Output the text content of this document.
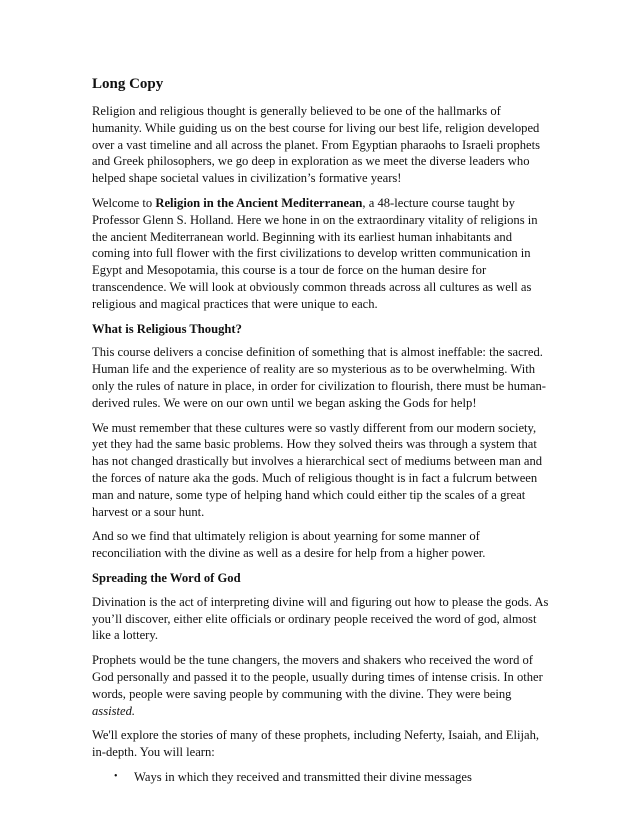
Long Copy

Religion and religious thought is generally believed to be one of the hallmarks of humanity. While guiding us on the best course for living our best life, religion developed over a vast timeline and all across the planet. From Egyptian pharaohs to Israeli prophets and Greek philosophers, we go deep in exploration as we meet the diverse leaders who helped shape societal values in civilization’s formative years!

Welcome to Religion in the Ancient Mediterranean, a 48-lecture course taught by Professor Glenn S. Holland. Here we hone in on the extraordinary vitality of religions in the ancient Mediterranean world. Beginning with its earliest human inhabitants and coming into full flower with the first civilizations to develop written communication in Egypt and Mesopotamia, this course is a tour de force on the human desire for transcendence. We will look at obviously common threads across all cultures as well as religious and magical practices that were unique to each.

What is Religious Thought?

This course delivers a concise definition of something that is almost ineffable: the sacred. Human life and the experience of reality are so mysterious as to be overwhelming. With only the rules of nature in place, in order for civilization to flourish, there must be human-derived rules. We were on our own until we began asking the Gods for help!

We must remember that these cultures were so vastly different from our modern society, yet they had the same basic problems. How they solved theirs was through a system that has not changed drastically but involves a hierarchical sect of mediums between man and the forces of nature aka the gods. Much of religious thought is in fact a fulcrum between man and nature, some type of helping hand which could either tip the scales of a great harvest or a sour hunt.

And so we find that ultimately religion is about yearning for some manner of reconciliation with the divine as well as a desire for help from a higher power.

Spreading the Word of God

Divination is the act of interpreting divine will and figuring out how to please the gods. As you’ll discover, either elite officials or ordinary people received the word of god, almost like a lottery.

Prophets would be the tune changers, the movers and shakers who received the word of God personally and passed it to the people, usually during times of intense crisis. In other words, people were saving people by communing with the divine. They were being assisted.

We'll explore the stories of many of these prophets, including Neferty, Isaiah, and Elijah, in-depth. You will learn:

• Ways in which they received and transmitted their divine messages
